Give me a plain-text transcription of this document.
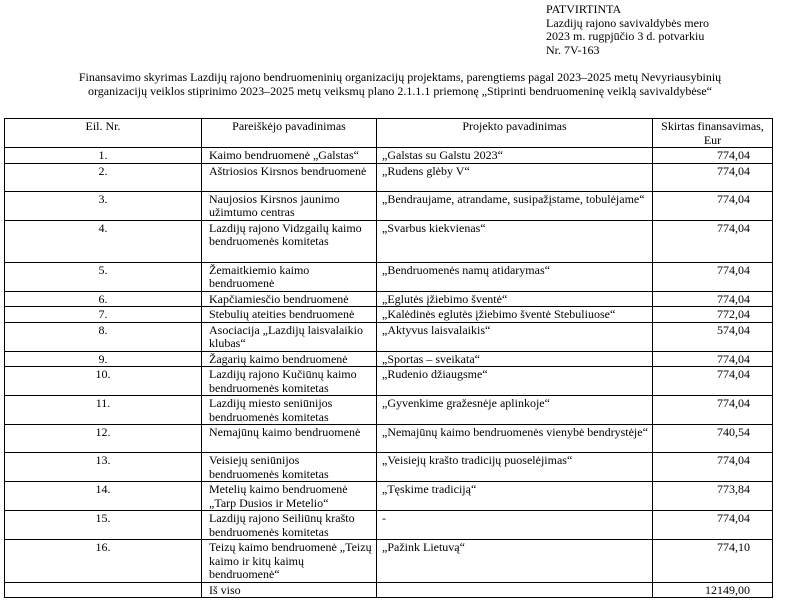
PATVIRTINTA
Lazdijų rajono savivaldybės mero
2023 m. rugpjūčio 3 d. potvarkiu
Nr. 7V-163
Finansavimo skyrimas Lazdijų rajono bendruomeninių organizacijų projektams, parengtiems pagal 2023–2025 metų Nevyriausybinių
organizacijų veiklos stiprinimo 2023–2025 metų veiksmų plano 2.1.1.1 priemonę „Stiprinti bendruomeninę veiklą savivaldybėse“
Eil. Nr.	Pareiškėjo pavadinimas	Projekto pavadinimas	Skirtas finansavimas, Eur
1.	Kaimo bendruomenė „Galstas“	„Galstas su Galstu 2023“	774,04
2.	Aštriosios Kirsnos bendruomenė	„Rudens glėby V“	774,04
3.	Naujosios Kirsnos jaunimo užimtumo centras	„Bendraujame, atrandame, susipažįstame, tobulėjame“	774,04
4.	Lazdijų rajono Vidzgailų kaimo bendruomenės komitetas	„Svarbus kiekvienas“	774,04
5.	Žemaitkiemio kaimo bendruomenė	„Bendruomenės namų atidarymas“	774,04
6.	Kapčiamiesčio bendruomenė	„Eglutės įžiebimo šventė“	774,04
7.	Stebulių ateities bendruomenė	„Kalėdinės eglutės įžiebimo šventė Stebuliuose“	772,04
8.	Asociacija „Lazdijų laisvalaikio klubas“	„Aktyvus laisvalaikis“	574,04
9.	Žagarių kaimo bendruomenė	„Sportas – sveikata“	774,04
10.	Lazdijų rajono Kučiūnų kaimo bendruomenės komitetas	„Rudenio džiaugsme“	774,04
11.	Lazdijų miesto seniūnijos bendruomenės komitetas	„Gyvenkime gražesnėje aplinkoje“	774,04
12.	Nemajūnų kaimo bendruomenė	„Nemajūnų kaimo bendruomenės vienybė bendrystėje“	740,54
13.	Veisiejų seniūnijos bendruomenės komitetas	„Veisiejų krašto tradicijų puoselėjimas“	774,04
14.	Metelių kaimo bendruomenė „Tarp Dusios ir Metelio“	„Tęskime tradiciją“	773,84
15.	Lazdijų rajono Seiliūnų krašto bendruomenės komitetas	-	774,04
16.	Teizų kaimo bendruomenė „Teizų kaimo ir kitų kaimų bendruomenė“	„Pažink Lietuvą“	774,10
	Iš viso		12149,00
